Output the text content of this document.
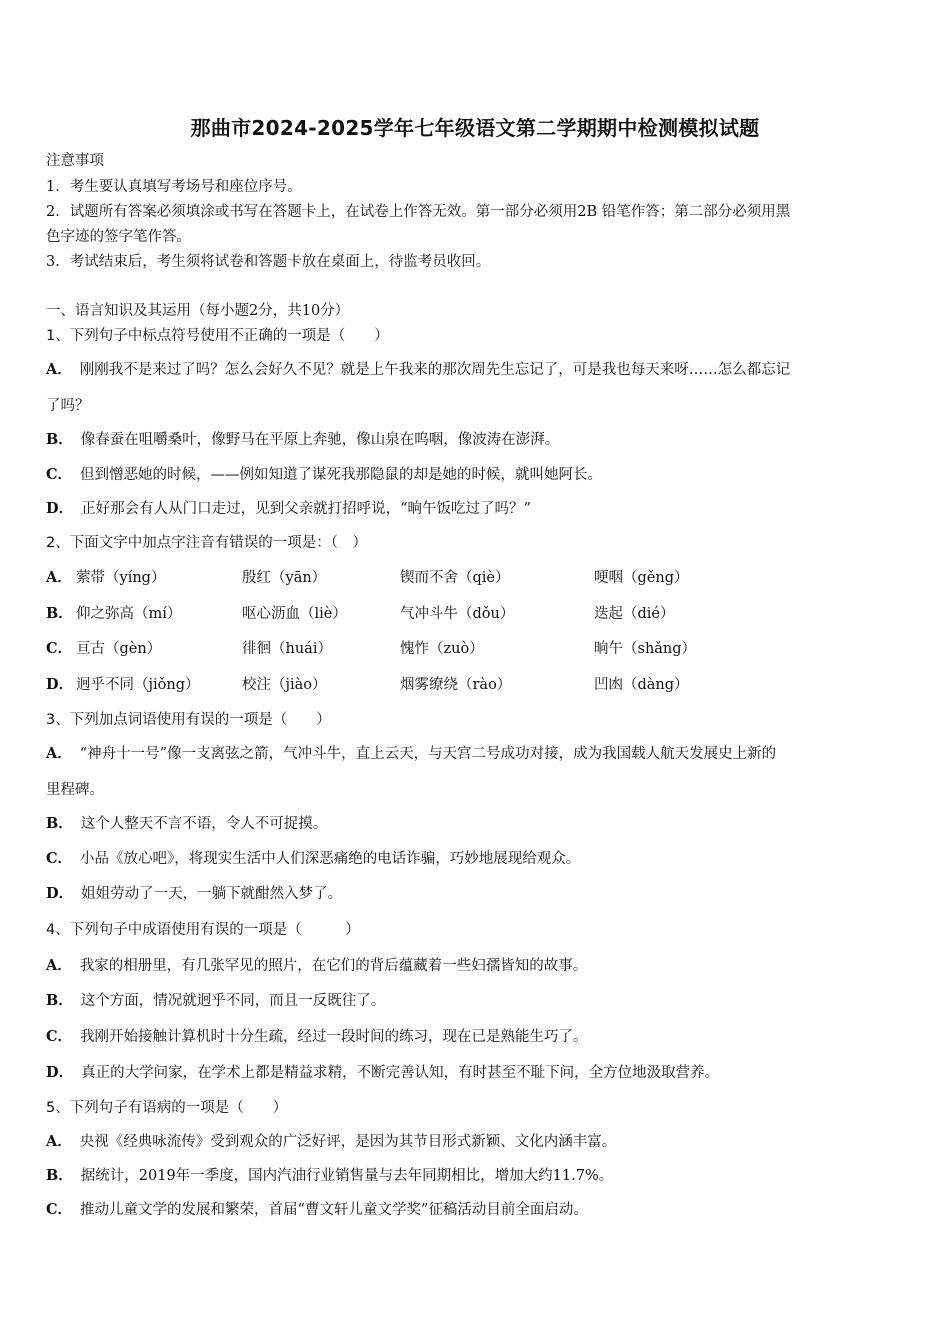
那曲市2024-2025学年七年级语文第二学期期中检测模拟试题
注意事项
1．考生要认真填写考场号和座位序号。
2．试题所有答案必须填涂或书写在答题卡上，在试卷上作答无效。第一部分必须用2B 铅笔作答；第二部分必须用黑
色字迹的签字笔作答。
3．考试结束后，考生须将试卷和答题卡放在桌面上，待监考员收回。
一、语言知识及其运用（每小题2分，共10分）
1、下列句子中标点符号使用不正确的一项是（　　）
A． 刚刚我不是来过了吗？怎么会好久不见？就是上午我来的那次周先生忘记了，可是我也每天来呀……怎么都忘记
了吗？
B． 像春蚕在咀嚼桑叶，像野马在平原上奔驰，像山泉在呜咽，像波涛在澎湃。
C． 但到憎恶她的时候，——例如知道了谋死我那隐鼠的却是她的时候，就叫她阿长。
D． 正好那会有人从门口走过，见到父亲就打招呼说，“晌午饭吃过了吗？”
2、下面文字中加点字注音有错误的一项是：（　）
A． 萦带（yíng）	殷红（yān）	锲而不舍（qiè）	哽咽（gěng）
B． 仰之弥高（mí）	呕心沥血（liè）	气冲斗牛（dǒu）	迭起（dié）
C． 亘古（gèn）	徘徊（huái）	愧怍（zuò）	晌午（shǎng）
D． 迥乎不同（jiǒng）	校注（jiào）	烟雾缭绕（rào）	凹凼（dàng）
3、下列加点词语使用有误的一项是（　　）
A． “神舟十一号”像一支离弦之箭，气冲斗牛，直上云天，与天宫二号成功对接，成为我国载人航天发展史上新的
里程碑。
B． 这个人整天不言不语，令人不可捉摸。
C． 小品《放心吧》，将现实生活中人们深恶痛绝的电话诈骗，巧妙地展现给观众。
D． 姐姐劳动了一天，一躺下就酣然入梦了。
4、下列句子中成语使用有误的一项是（　　　）
A． 我家的相册里，有几张罕见的照片，在它们的背后蕴藏着一些妇孺皆知的故事。
B． 这个方面，情况就迥乎不同，而且一反既往了。
C． 我刚开始接触计算机时十分生疏，经过一段时间的练习，现在已是熟能生巧了。
D． 真正的大学问家，在学术上都是精益求精，不断完善认知，有时甚至不耻下问，全方位地汲取营养。
5、下列句子有语病的一项是（　　）
A． 央视《经典咏流传》受到观众的广泛好评，是因为其节目形式新颖、文化内涵丰富。
B． 据统计，2019年一季度，国内汽油行业销售量与去年同期相比，增加大约11.7%。
C． 推动儿童文学的发展和繁荣，首届“曹文轩儿童文学奖”征稿活动目前全面启动。
